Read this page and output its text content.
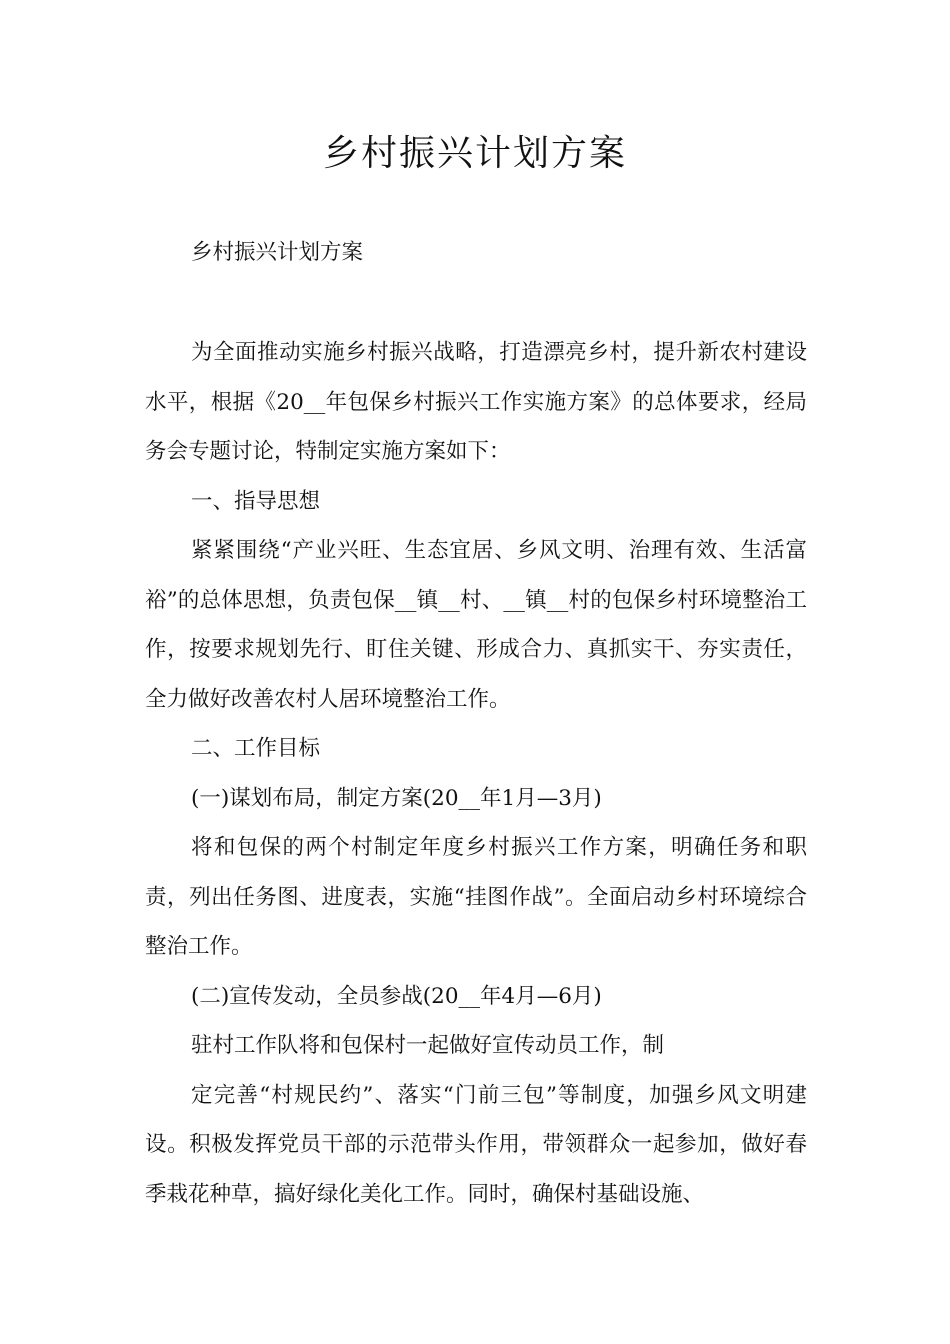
乡村振兴计划方案
乡村振兴计划方案

为全面推动实施乡村振兴战略，打造漂亮乡村，提升新农村建设水平，根据《20__年包保乡村振兴工作实施方案》的总体要求，经局务会专题讨论，特制定实施方案如下：

一、指导思想

紧紧围绕“产业兴旺、生态宜居、乡风文明、治理有效、生活富裕”的总体思想，负责包保__镇__村、__镇__村的包保乡村环境整治工作，按要求规划先行、盯住关键、形成合力、真抓实干、夯实责任，全力做好改善农村人居环境整治工作。

二、工作目标

(一)谋划布局，制定方案(20__年1月—3月)

将和包保的两个村制定年度乡村振兴工作方案，明确任务和职责，列出任务图、进度表，实施“挂图作战”。全面启动乡村环境综合整治工作。

(二)宣传发动，全员参战(20__年4月—6月)

驻村工作队将和包保村一起做好宣传动员工作，制

定完善“村规民约”、落实“门前三包”等制度，加强乡风文明建设。积极发挥党员干部的示范带头作用，带领群众一起参加，做好春季栽花种草，搞好绿化美化工作。同时，确保村基础设施、
